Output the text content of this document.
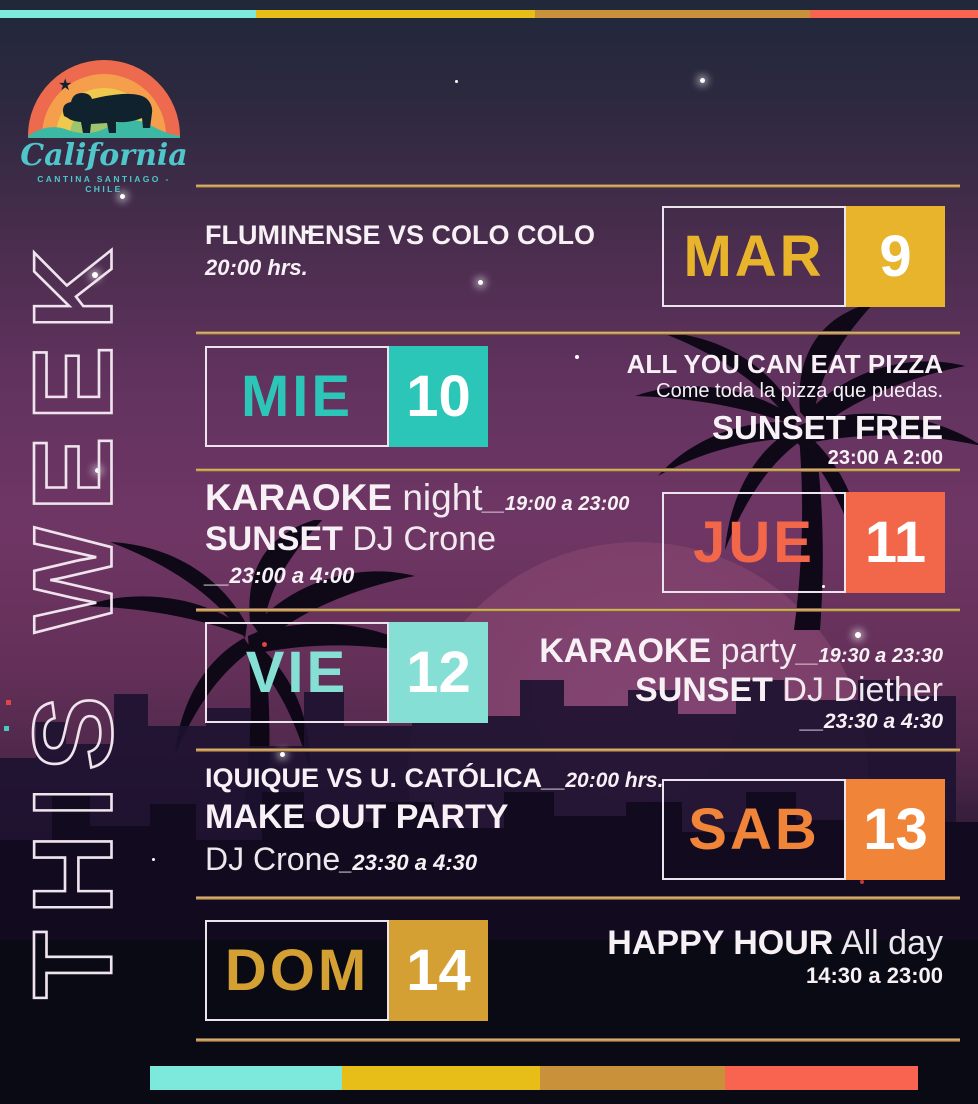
★
California
CANTINA SANTIAGO - CHILE
THIS WEEK	FLUMINENSE VS COLO COLO
20:00 hrs.	MAR 9
MIE 10	ALL YOU CAN EAT PIZZA
Come toda la pizza que puedas.
SUNSET FREE
23:00 A 2:00
KARAOKE night__19:00 a 23:00
SUNSET DJ Crone
__23:00 a 4:00
JUE 11
VIE 12	KARAOKE party__19:30 a 23:30
SUNSET DJ Diether
__23:30 a 4:30
IQUIQUE VS U. CATÓLICA__20:00 hrs.
MAKE OUT PARTY
DJ Crone_23:30 a 4:30
SAB 13
DOM 14	HAPPY HOUR All day
14:30 a 23:00
